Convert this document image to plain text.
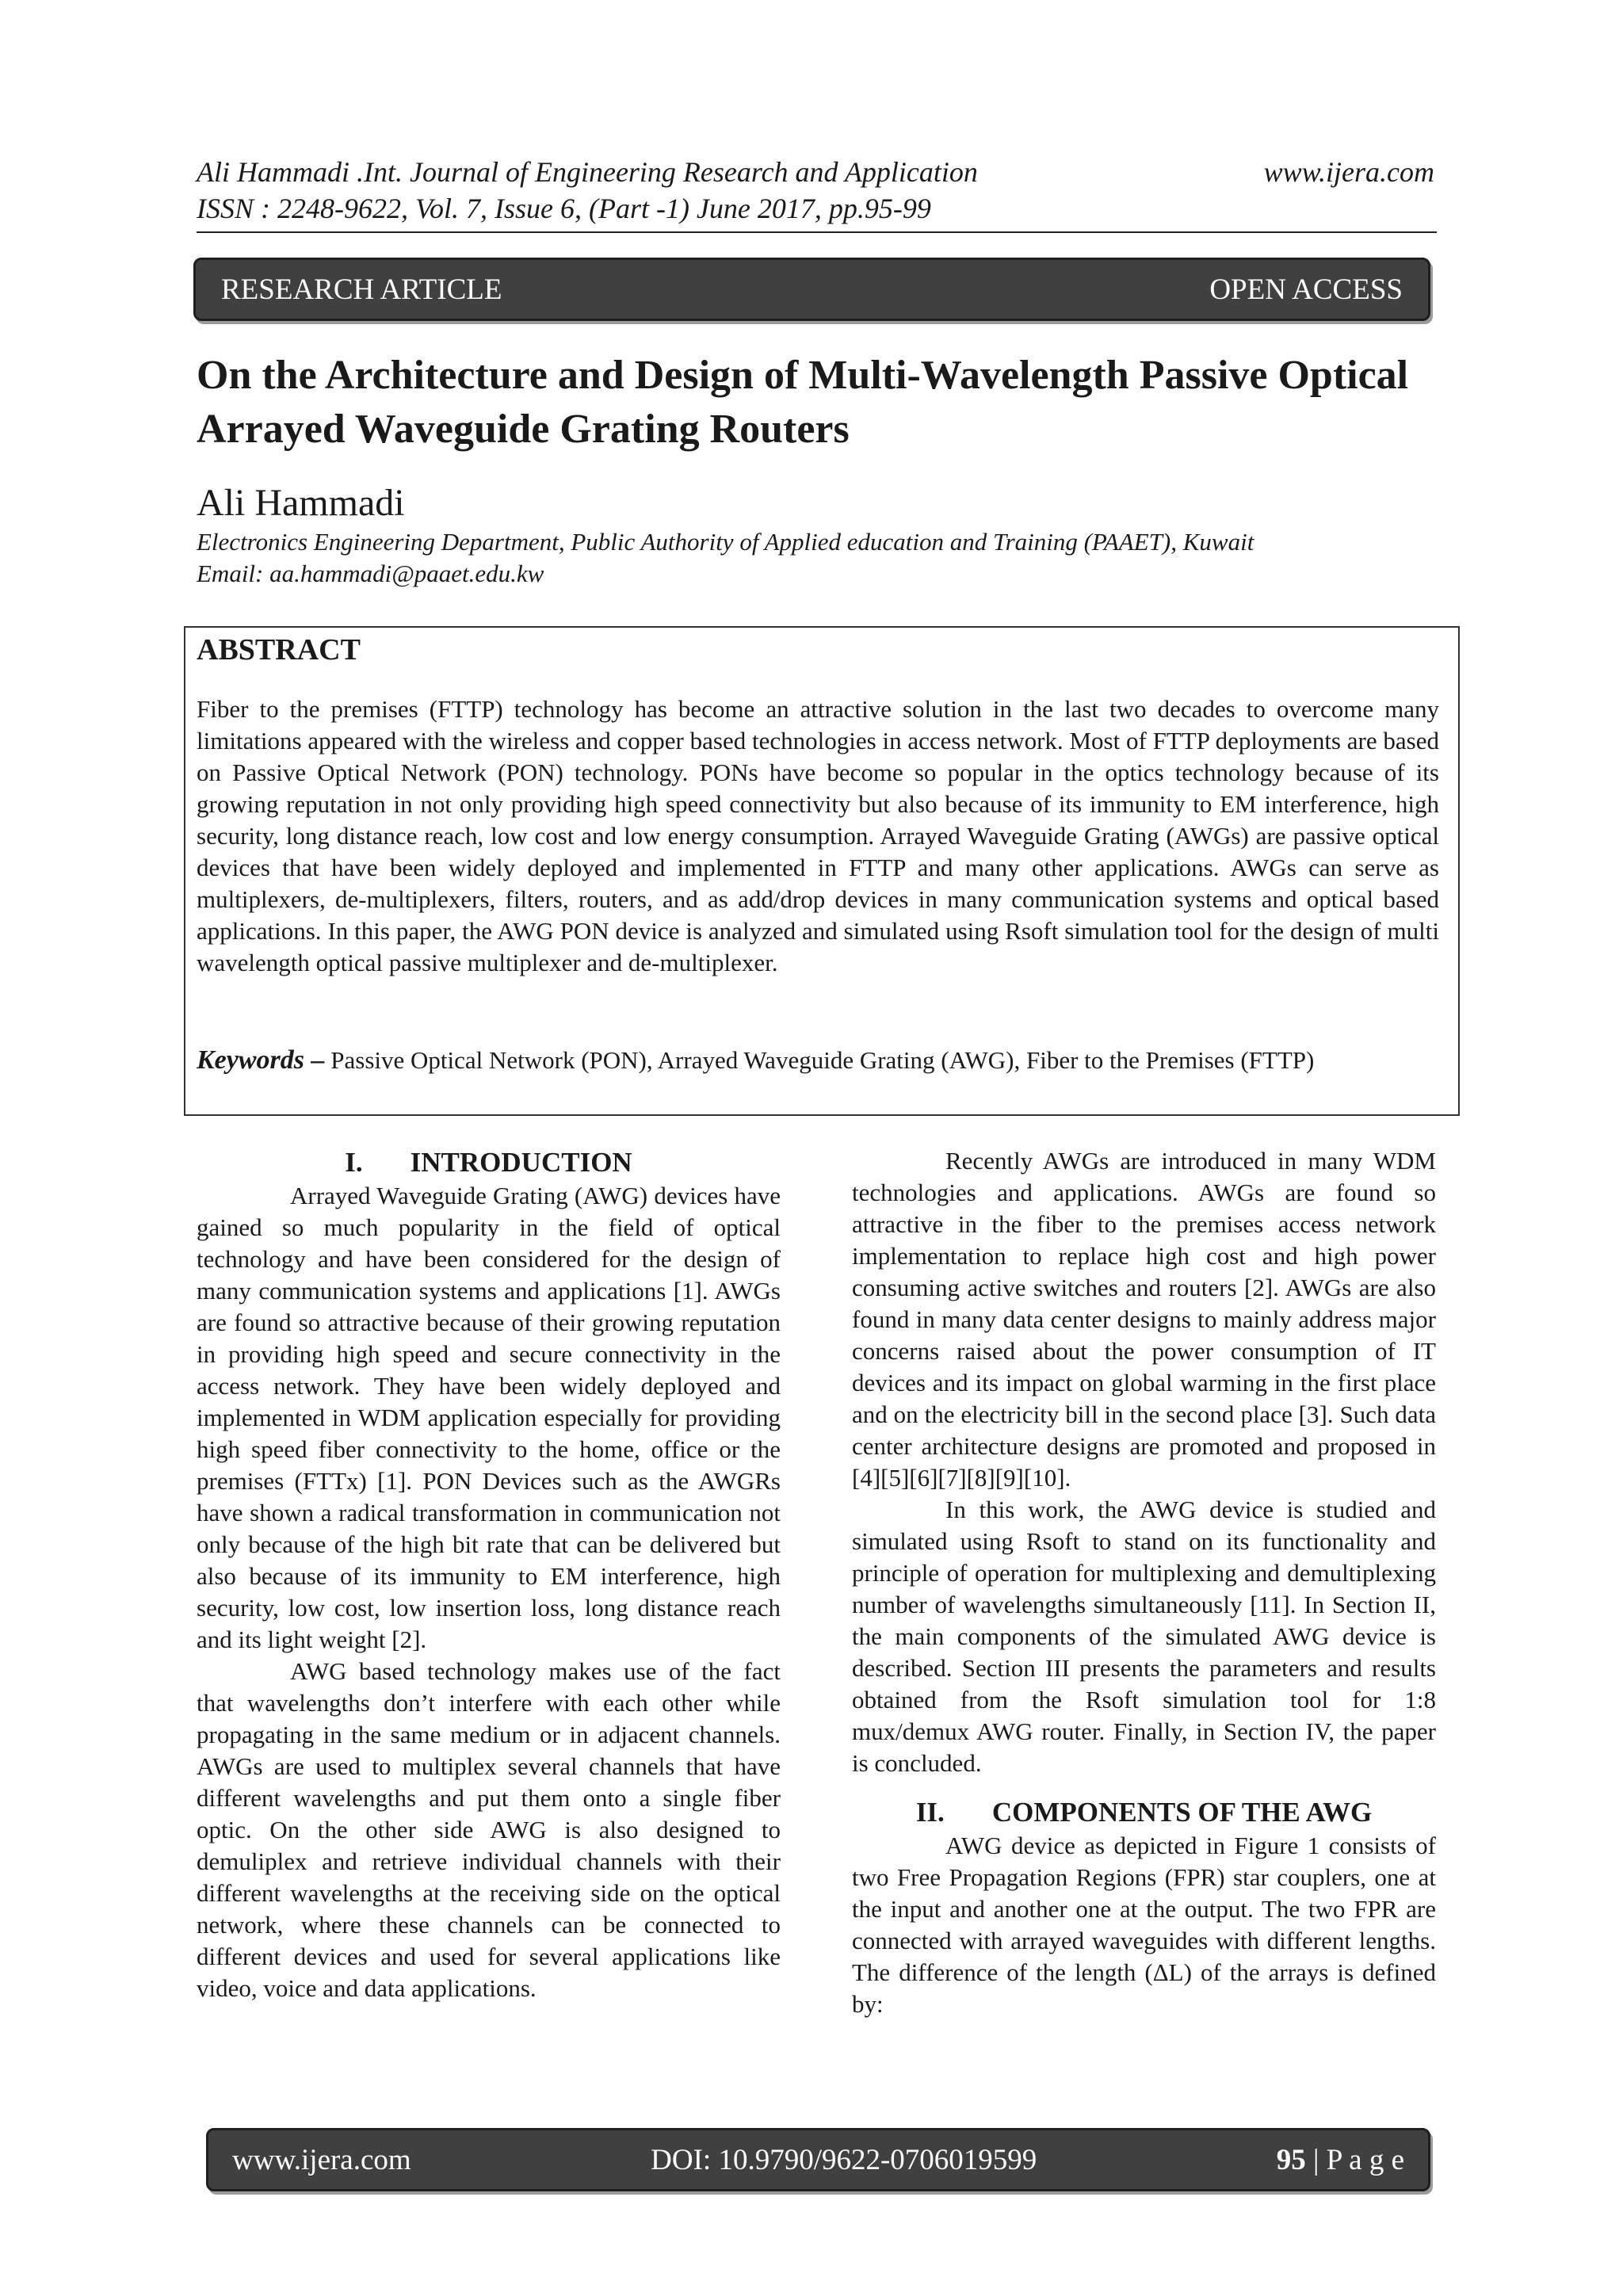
Ali Hammadi .Int. Journal of Engineering Research and Application
ISSN : 2248-9622, Vol. 7, Issue 6, (Part -1) June 2017, pp.95-99
www.ijera.com
RESEARCH ARTICLE	OPEN ACCESS
On the Architecture and Design of Multi-Wavelength Passive Optical Arrayed Waveguide Grating Routers
Ali Hammadi
Electronics Engineering Department, Public Authority of Applied education and Training (PAAET), Kuwait
Email: aa.hammadi@paaet.edu.kw
ABSTRACT

Fiber to the premises (FTTP) technology has become an attractive solution in the last two decades to overcome many limitations appeared with the wireless and copper based technologies in access network. Most of FTTP deployments are based on Passive Optical Network (PON) technology. PONs have become so popular in the optics technology because of its growing reputation in not only providing high speed connectivity but also because of its immunity to EM interference, high security, long distance reach, low cost and low energy consumption. Arrayed Waveguide Grating (AWGs) are passive optical devices that have been widely deployed and implemented in FTTP and many other applications. AWGs can serve as multiplexers, de-multiplexers, filters, routers, and as add/drop devices in many communication systems and optical based applications. In this paper, the AWG PON device is analyzed and simulated using Rsoft simulation tool for the design of multi wavelength optical passive multiplexer and de-multiplexer.

Keywords – Passive Optical Network (PON), Arrayed Waveguide Grating (AWG), Fiber to the Premises (FTTP)

I. INTRODUCTION

Arrayed Waveguide Grating (AWG) devices have gained so much popularity in the field of optical technology and have been considered for the design of many communication systems and applications [1]. AWGs are found so attractive because of their growing reputation in providing high speed and secure connectivity in the access network. They have been widely deployed and implemented in WDM application especially for providing high speed fiber connectivity to the home, office or the premises (FTTx) [1]. PON Devices such as the AWGRs have shown a radical transformation in communication not only because of the high bit rate that can be delivered but also because of its immunity to EM interference, high security, low cost, low insertion loss, long distance reach and its light weight [2].

AWG based technology makes use of the fact that wavelengths don’t interfere with each other while propagating in the same medium or in adjacent channels. AWGs are used to multiplex several channels that have different wavelengths and put them onto a single fiber optic. On the other side AWG is also designed to demuliplex and retrieve individual channels with their different wavelengths at the receiving side on the optical network, where these channels can be connected to different devices and used for several applications like video, voice and data applications.

Recently AWGs are introduced in many WDM technologies and applications. AWGs are found so attractive in the fiber to the premises access network implementation to replace high cost and high power consuming active switches and routers [2]. AWGs are also found in many data center designs to mainly address major concerns raised about the power consumption of IT devices and its impact on global warming in the first place and on the electricity bill in the second place [3]. Such data center architecture designs are promoted and proposed in [4][5][6][7][8][9][10].

In this work, the AWG device is studied and simulated using Rsoft to stand on its functionality and principle of operation for multiplexing and demultiplexing number of wavelengths simultaneously [11]. In Section II, the main components of the simulated AWG device is described. Section III presents the parameters and results obtained from the Rsoft simulation tool for 1:8 mux/demux AWG router. Finally, in Section IV, the paper is concluded.

II. COMPONENTS OF THE AWG

AWG device as depicted in Figure 1 consists of two Free Propagation Regions (FPR) star couplers, one at the input and another one at the output. The two FPR are connected with arrayed waveguides with different lengths. The difference of the length (ΔL) of the arrays is defined by:

www.ijera.com	DOI: 10.9790/9622-0706019599	95 | P a g e
